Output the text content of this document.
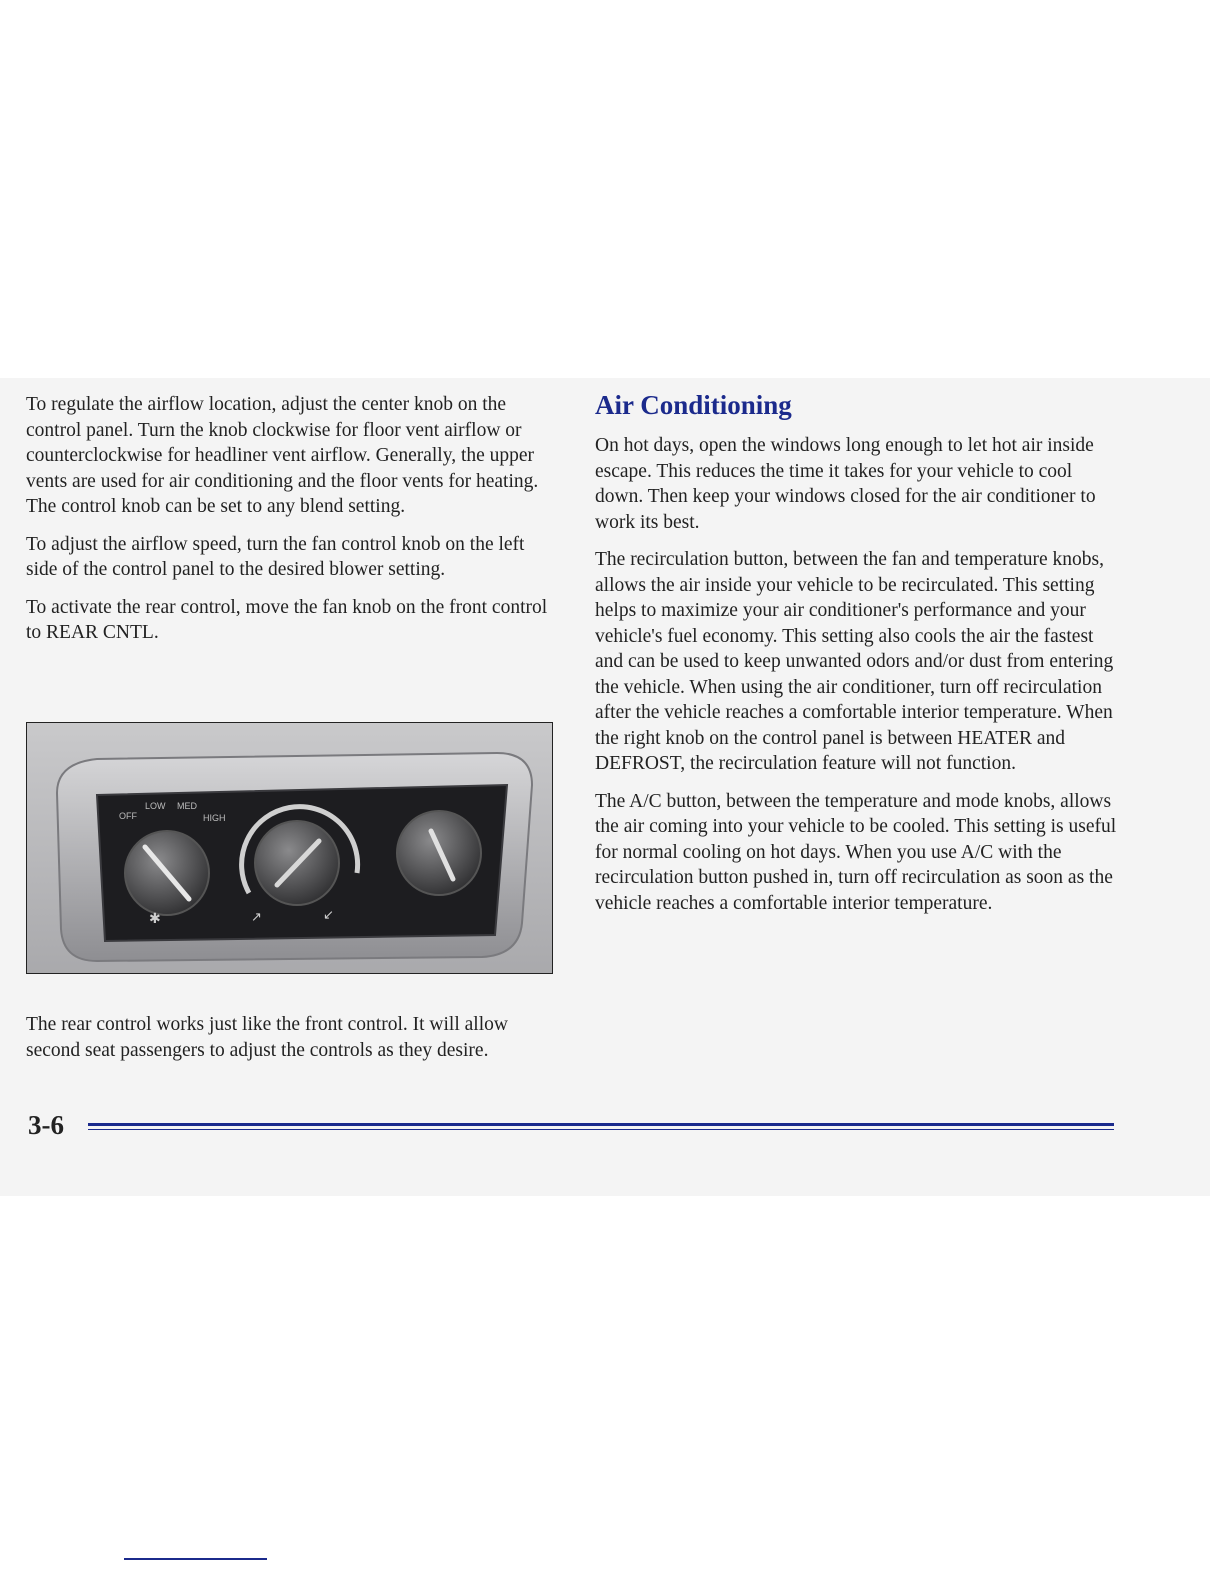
To regulate the airflow location, adjust the center knob on the control panel. Turn the knob clockwise for floor vent airflow or counterclockwise for headliner vent airflow. Generally, the upper vents are used for air conditioning and the floor vents for heating. The control knob can be set to any blend setting.

To adjust the airflow speed, turn the fan control knob on the left side of the control panel to the desired blower setting.

To activate the rear control, move the fan knob on the front control to REAR CNTL.

OFF
LOW MED
HIGH
✱	↗	↙

The rear control works just like the front control. It will allow second seat passengers to adjust the controls as they desire.

Air Conditioning

On hot days, open the windows long enough to let hot air inside escape. This reduces the time it takes for your vehicle to cool down. Then keep your windows closed for the air conditioner to work its best.

The recirculation button, between the fan and temperature knobs, allows the air inside your vehicle to be recirculated. This setting helps to maximize your air conditioner's performance and your vehicle's fuel economy. This setting also cools the air the fastest and can be used to keep unwanted odors and/or dust from entering the vehicle. When using the air conditioner, turn off recirculation after the vehicle reaches a comfortable interior temperature. When the right knob on the control panel is between HEATER and DEFROST, the recirculation feature will not function.

The A/C button, between the temperature and mode knobs, allows the air coming into your vehicle to be cooled. This setting is useful for normal cooling on hot days. When you use A/C with the recirculation button pushed in, turn off recirculation as soon as the vehicle reaches a comfortable interior temperature.

3-6
